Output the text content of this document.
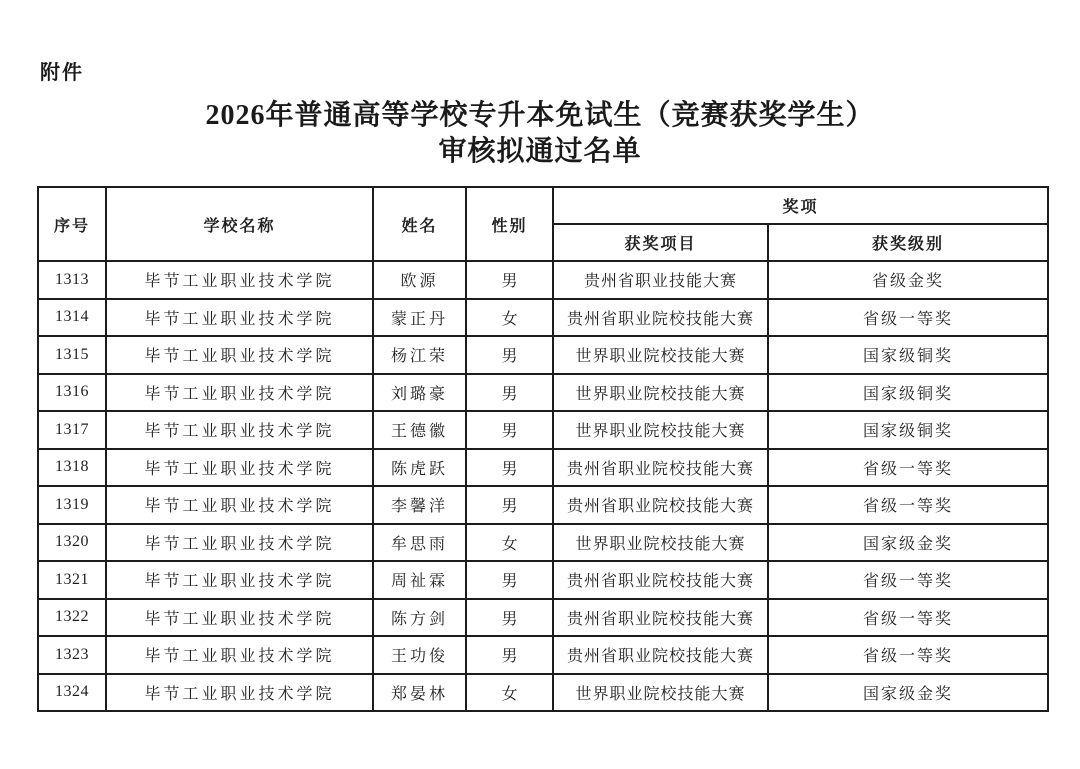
附件
2026年普通高等学校专升本免试生（竞赛获奖学生）
审核拟通过名单
序号	学校名称	姓名	性别	奖项	
				获奖项目	获奖级别
1313	毕节工业职业技术学院	欧源	男	贵州省职业技能大赛	省级金奖
1314	毕节工业职业技术学院	蒙正丹	女	贵州省职业院校技能大赛	省级一等奖
1315	毕节工业职业技术学院	杨江荣	男	世界职业院校技能大赛	国家级铜奖
1316	毕节工业职业技术学院	刘璐豪	男	世界职业院校技能大赛	国家级铜奖
1317	毕节工业职业技术学院	王德徽	男	世界职业院校技能大赛	国家级铜奖
1318	毕节工业职业技术学院	陈虎跃	男	贵州省职业院校技能大赛	省级一等奖
1319	毕节工业职业技术学院	李馨洋	男	贵州省职业院校技能大赛	省级一等奖
1320	毕节工业职业技术学院	牟思雨	女	世界职业院校技能大赛	国家级金奖
1321	毕节工业职业技术学院	周祉霖	男	贵州省职业院校技能大赛	省级一等奖
1322	毕节工业职业技术学院	陈方剑	男	贵州省职业院校技能大赛	省级一等奖
1323	毕节工业职业技术学院	王功俊	男	贵州省职业院校技能大赛	省级一等奖
1324	毕节工业职业技术学院	郑晏林	女	世界职业院校技能大赛	国家级金奖
